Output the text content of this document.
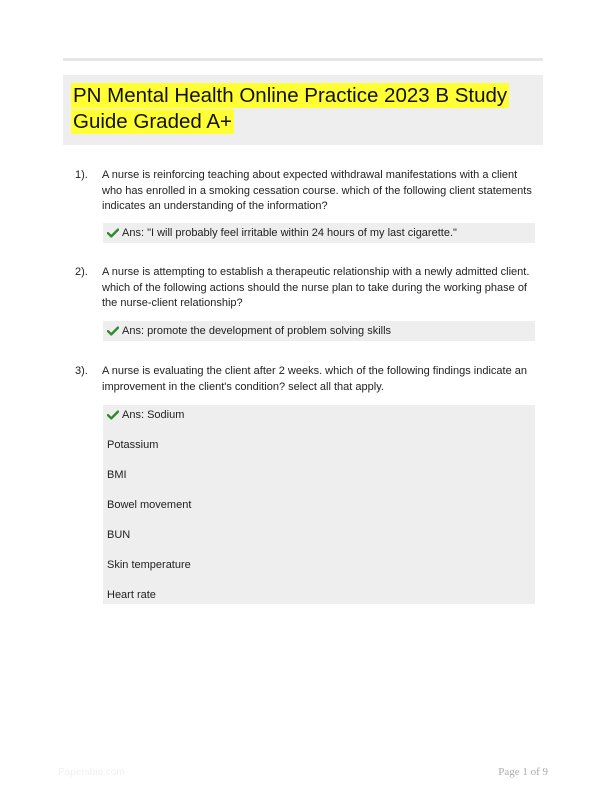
PN Mental Health Online Practice 2023 B Study Guide Graded A+
1). A nurse is reinforcing teaching about expected withdrawal manifestations with a client who has enrolled in a smoking cessation course. which of the following client statements indicates an understanding of the information?

Ans: "I will probably feel irritable within 24 hours of my last cigarette."
2). A nurse is attempting to establish a therapeutic relationship with a newly admitted client. which of the following actions should the nurse plan to take during the working phase of the nurse-client relationship?

Ans: promote the development of problem solving skills
3). A nurse is evaluating the client after 2 weeks. which of the following findings indicate an improvement in the client's condition? select all that apply.

Ans: Sodium
Potassium
BMI
Bowel movement
BUN
Skin temperature
Heart rate
Papersbio.com	Page 1 of 9
